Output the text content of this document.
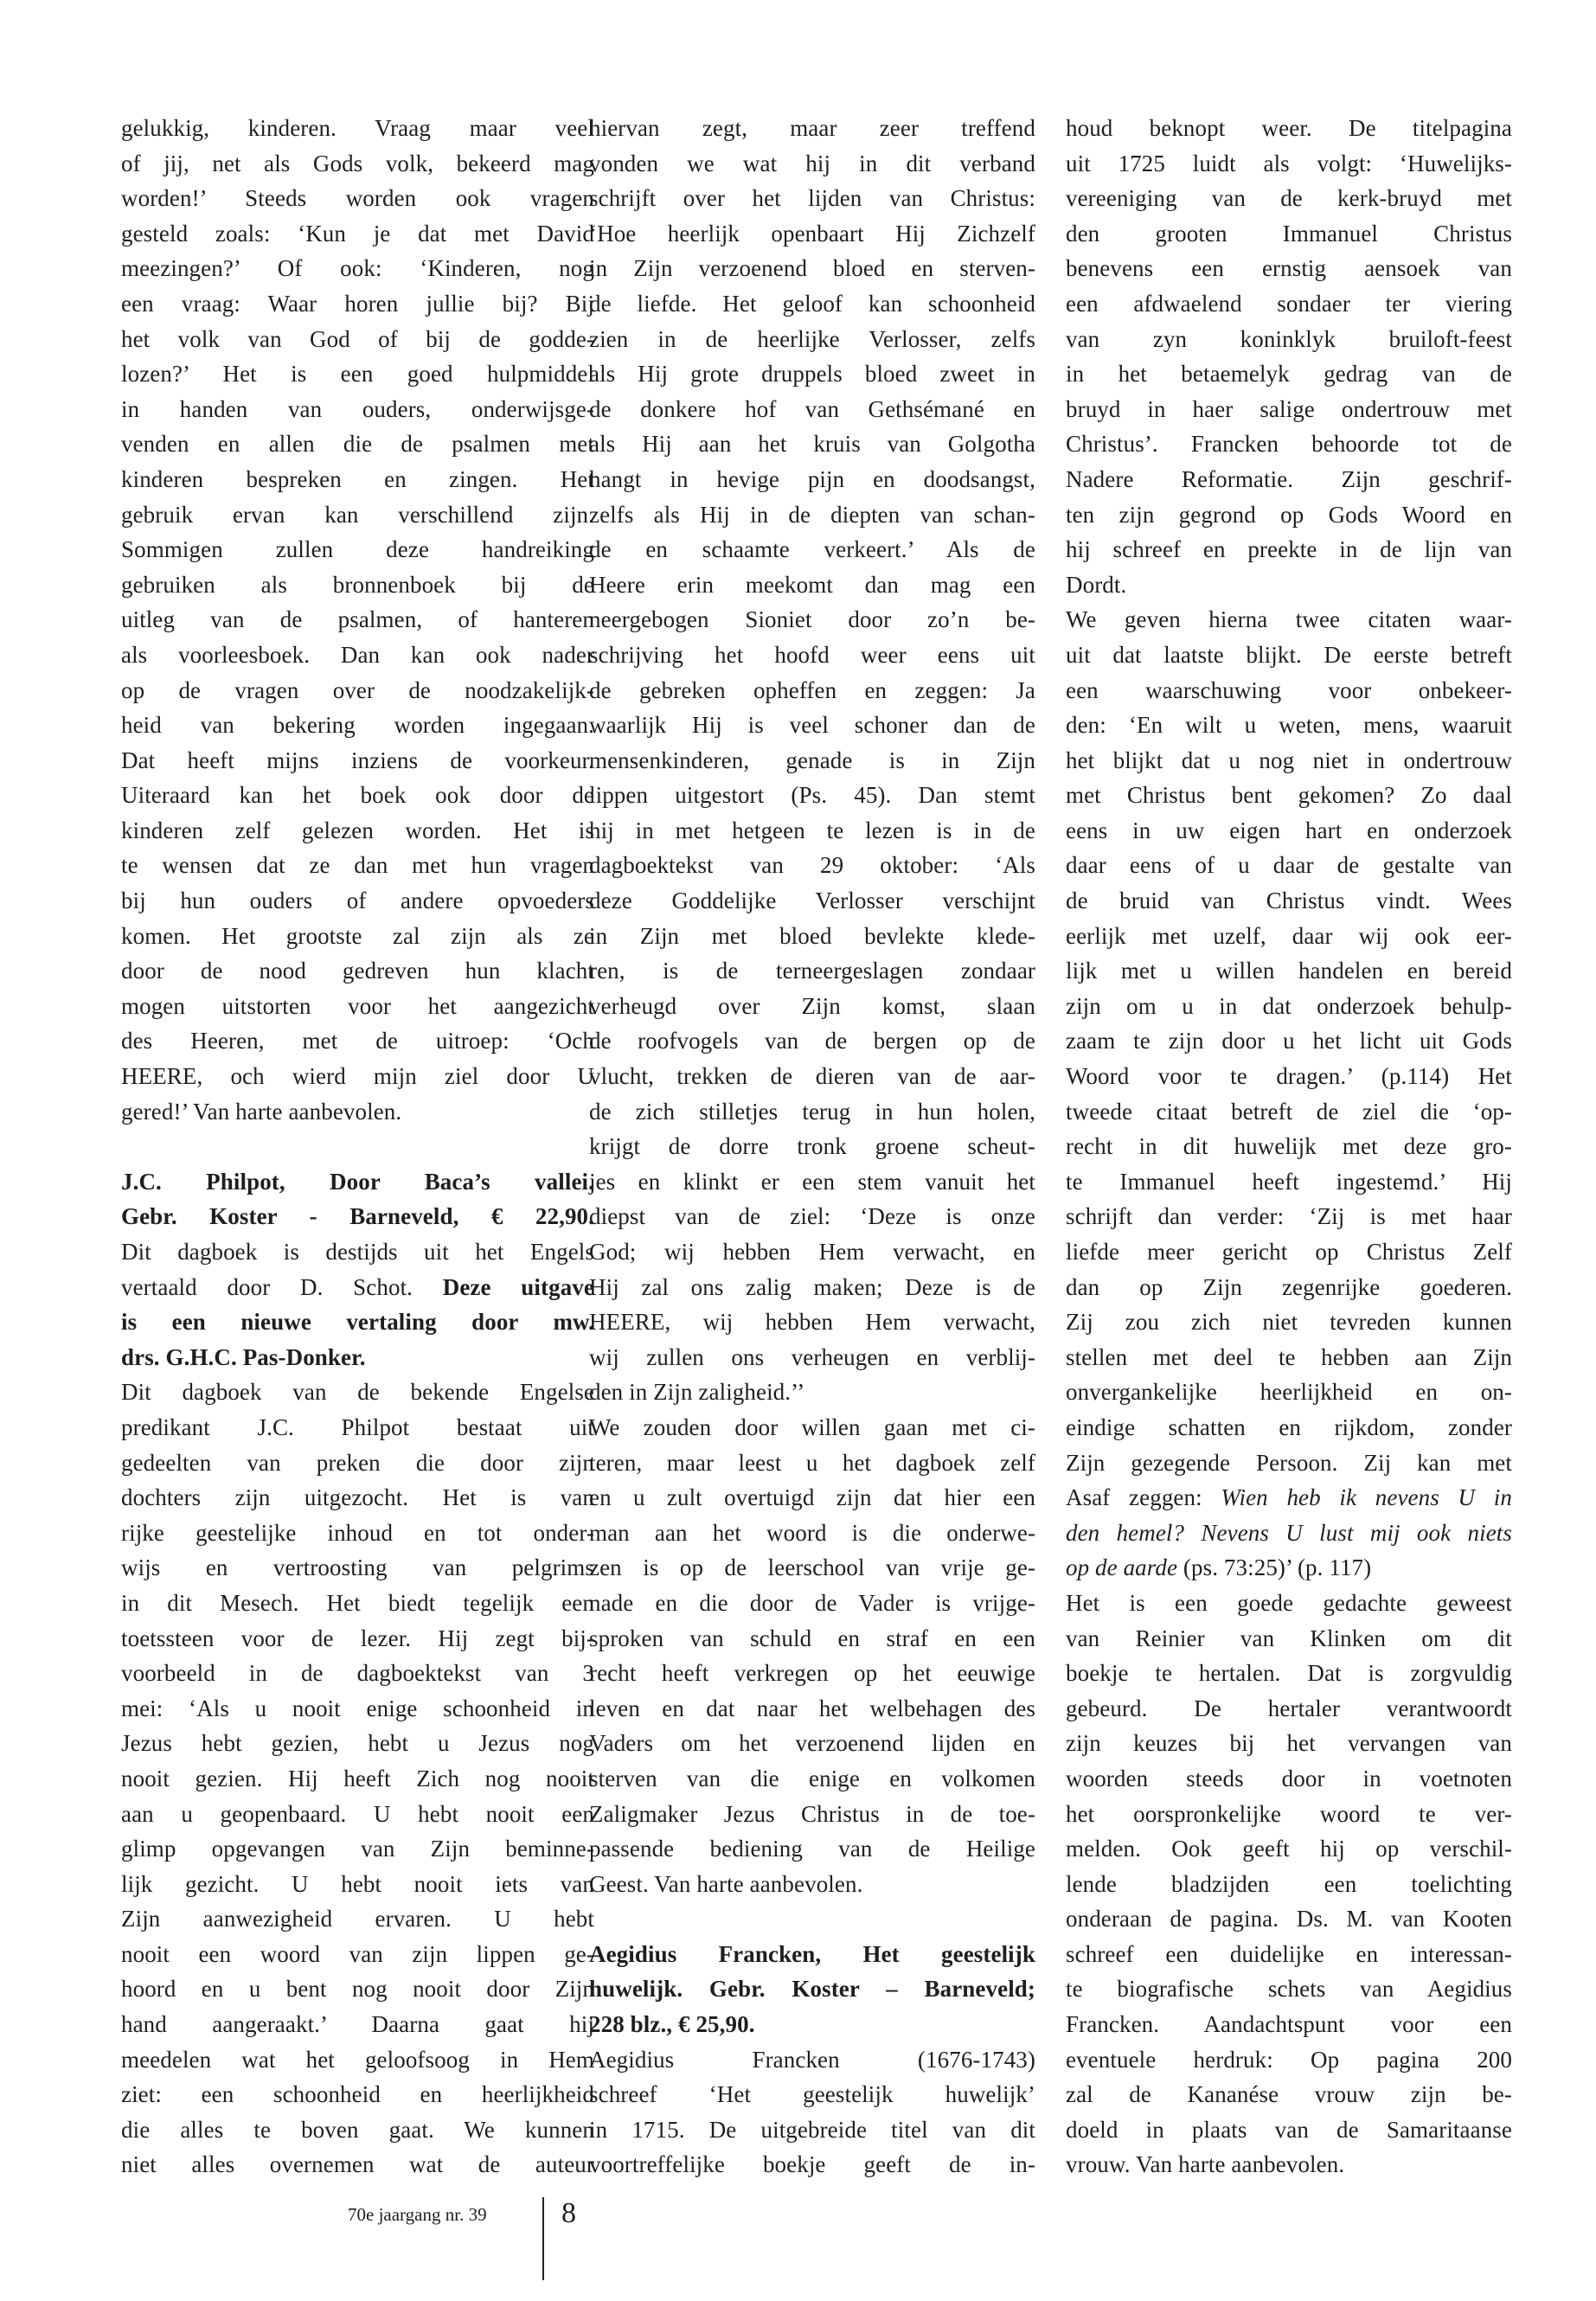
gelukkig, kinderen. Vraag maar veel
of jij, net als Gods volk, bekeerd mag
worden!’ Steeds worden ook vragen
gesteld zoals: ‘Kun je dat met David
meezingen?’ Of ook: ‘Kinderen, nog
een vraag: Waar horen jullie bij? Bij
het volk van God of bij de godde-
lozen?’ Het is een goed hulpmiddel
in handen van ouders, onderwijsge-
venden en allen die de psalmen met
kinderen bespreken en zingen. Het
gebruik ervan kan verschillend zijn.
Sommigen zullen deze handreiking
gebruiken als bronnenboek bij de
uitleg van de psalmen, of hanteren
als voorleesboek. Dan kan ook nader
op de vragen over de noodzakelijk-
heid van bekering worden ingegaan.
Dat heeft mijns inziens de voorkeur.
Uiteraard kan het boek ook door de
kinderen zelf gelezen worden. Het is
te wensen dat ze dan met hun vragen
bij hun ouders of andere opvoeders
komen. Het grootste zal zijn als ze
door de nood gedreven hun klacht
mogen uitstorten voor het aangezicht
des Heeren, met de uitroep: ‘Och
HEERE, och wierd mijn ziel door U
gered!’ Van harte aanbevolen.
J.C. Philpot, Door Baca’s vallei.
Gebr. Koster - Barneveld, € 22,90.
Dit dagboek is destijds uit het Engels
vertaald door D. Schot. Deze uitgave
is een nieuwe vertaling door mw.
drs. G.H.C. Pas-Donker.
Dit dagboek van de bekende Engelse
predikant J.C. Philpot bestaat uit
gedeelten van preken die door zijn
dochters zijn uitgezocht. Het is van
rijke geestelijke inhoud en tot onder-
wijs en vertroosting van pelgrims
in dit Mesech. Het biedt tegelijk een
toetssteen voor de lezer. Hij zegt bij-
voorbeeld in de dagboektekst van 3
mei: ‘Als u nooit enige schoonheid in
Jezus hebt gezien, hebt u Jezus nog
nooit gezien. Hij heeft Zich nog nooit
aan u geopenbaard. U hebt nooit een
glimp opgevangen van Zijn beminne-
lijk gezicht. U hebt nooit iets van
Zijn aanwezigheid ervaren. U hebt
nooit een woord van zijn lippen ge-
hoord en u bent nog nooit door Zijn
hand aangeraakt.’ Daarna gaat hij
meedelen wat het geloofsoog in Hem
ziet: een schoonheid en heerlijkheid
die alles te boven gaat. We kunnen
niet alles overnemen wat de auteur
hiervan zegt, maar zeer treffend
vonden we wat hij in dit verband
schrijft over het lijden van Christus:
‘Hoe heerlijk openbaart Hij Zichzelf
in Zijn verzoenend bloed en sterven-
de liefde. Het geloof kan schoonheid
zien in de heerlijke Verlosser, zelfs
als Hij grote druppels bloed zweet in
de donkere hof van Gethsémané en
als Hij aan het kruis van Golgotha
hangt in hevige pijn en doodsangst,
zelfs als Hij in de diepten van schan-
de en schaamte verkeert.’ Als de
Heere erin meekomt dan mag een
neergebogen Sioniet door zo’n be-
schrijving het hoofd weer eens uit
de gebreken opheffen en zeggen: Ja
waarlijk Hij is veel schoner dan de
mensenkinderen, genade is in Zijn
lippen uitgestort (Ps. 45). Dan stemt
hij in met hetgeen te lezen is in de
dagboektekst van 29 oktober: ‘Als
deze Goddelijke Verlosser verschijnt
in Zijn met bloed bevlekte klede-
ren, is de terneergeslagen zondaar
verheugd over Zijn komst, slaan
de roofvogels van de bergen op de
vlucht, trekken de dieren van de aar-
de zich stilletjes terug in hun holen,
krijgt de dorre tronk groene scheut-
jes en klinkt er een stem vanuit het
diepst van de ziel: ‘Deze is onze
God; wij hebben Hem verwacht, en
Hij zal ons zalig maken; Deze is de
HEERE, wij hebben Hem verwacht,
wij zullen ons verheugen en verblij-
den in Zijn zaligheid.’’
We zouden door willen gaan met ci-
teren, maar leest u het dagboek zelf
en u zult overtuigd zijn dat hier een
man aan het woord is die onderwe-
zen is op de leerschool van vrije ge-
nade en die door de Vader is vrijge-
sproken van schuld en straf en een
recht heeft verkregen op het eeuwige
leven en dat naar het welbehagen des
Vaders om het verzoenend lijden en
sterven van die enige en volkomen
Zaligmaker Jezus Christus in de toe-
passende bediening van de Heilige
Geest. Van harte aanbevolen.
Aegidius Francken, Het geestelijk
huwelijk. Gebr. Koster – Barneveld;
228 blz., € 25,90.
Aegidius Francken (1676-1743)
schreef ‘Het geestelijk huwelijk’
in 1715. De uitgebreide titel van dit
voortreffelijke boekje geeft de in-
houd beknopt weer. De titelpagina
uit 1725 luidt als volgt: ‘Huwelijks-
vereeniging van de kerk-bruyd met
den grooten Immanuel Christus
benevens een ernstig aensoek van
een afdwaelend sondaer ter viering
van zyn koninklyk bruiloft-feest
in het betaemelyk gedrag van de
bruyd in haer salige ondertrouw met
Christus’. Francken behoorde tot de
Nadere Reformatie. Zijn geschrif-
ten zijn gegrond op Gods Woord en
hij schreef en preekte in de lijn van
Dordt.
We geven hierna twee citaten waar-
uit dat laatste blijkt. De eerste betreft
een waarschuwing voor onbekeer-
den: ‘En wilt u weten, mens, waaruit
het blijkt dat u nog niet in ondertrouw
met Christus bent gekomen? Zo daal
eens in uw eigen hart en onderzoek
daar eens of u daar de gestalte van
de bruid van Christus vindt. Wees
eerlijk met uzelf, daar wij ook eer-
lijk met u willen handelen en bereid
zijn om u in dat onderzoek behulp-
zaam te zijn door u het licht uit Gods
Woord voor te dragen.’ (p.114) Het
tweede citaat betreft de ziel die ‘op-
recht in dit huwelijk met deze gro-
te Immanuel heeft ingestemd.’ Hij
schrijft dan verder: ‘Zij is met haar
liefde meer gericht op Christus Zelf
dan op Zijn zegenrijke goederen.
Zij zou zich niet tevreden kunnen
stellen met deel te hebben aan Zijn
onvergankelijke heerlijkheid en on-
eindige schatten en rijkdom, zonder
Zijn gezegende Persoon. Zij kan met
Asaf zeggen: Wien heb ik nevens U in
den hemel? Nevens U lust mij ook niets
op de aarde (ps. 73:25)’ (p. 117)
Het is een goede gedachte geweest
van Reinier van Klinken om dit
boekje te hertalen. Dat is zorgvuldig
gebeurd. De hertaler verantwoordt
zijn keuzes bij het vervangen van
woorden steeds door in voetnoten
het oorspronkelijke woord te ver-
melden. Ook geeft hij op verschil-
lende bladzijden een toelichting
onderaan de pagina. Ds. M. van Kooten
schreef een duidelijke en interessan-
te biografische schets van Aegidius
Francken. Aandachtspunt voor een
eventuele herdruk: Op pagina 200
zal de Kananése vrouw zijn be-
doeld in plaats van de Samaritaanse
vrouw. Van harte aanbevolen.
70e jaargang nr. 39	8
